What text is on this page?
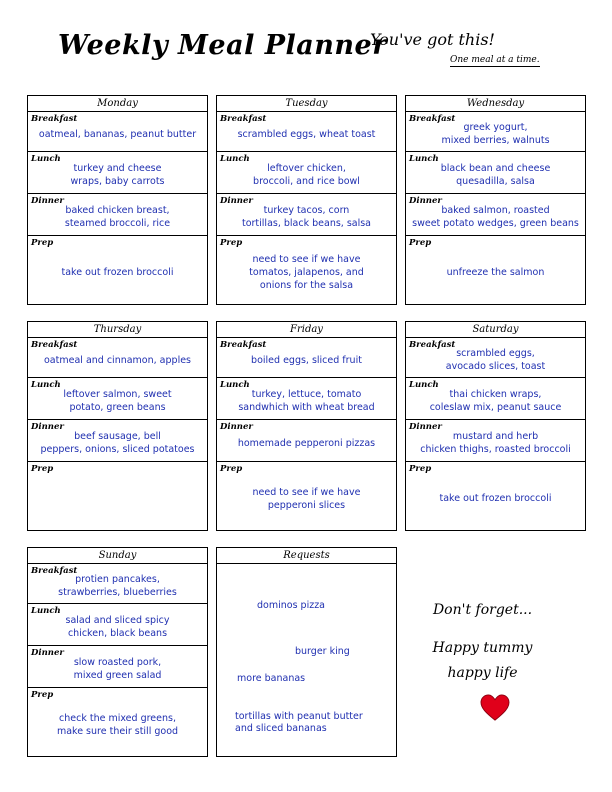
Weekly Meal Planner
You've got this!
One meal at a time.
Monday
Breakfast
oatmeal, bananas, peanut butter
Lunch
turkey and cheese
wraps, baby carrots
Dinner
baked chicken breast,
steamed broccoli, rice
Prep
take out frozen broccoli
Tuesday
Breakfast
scrambled eggs, wheat toast
Lunch
leftover chicken,
broccoli, and rice bowl
Dinner
turkey tacos, corn
tortillas, black beans, salsa
Prep
need to see if we have
tomatos, jalapenos, and
onions for the salsa
Wednesday
Breakfast
greek yogurt,
mixed berries, walnuts
Lunch
black bean and cheese
quesadilla, salsa
Dinner
baked salmon, roasted
sweet potato wedges, green beans
Prep
unfreeze the salmon
Thursday
Breakfast
oatmeal and cinnamon, apples
Lunch
leftover salmon, sweet
potato, green beans
Dinner
beef sausage, bell
peppers, onions, sliced potatoes
Prep
Friday
Breakfast
boiled eggs, sliced fruit
Lunch
turkey, lettuce, tomato
sandwhich with wheat bread
Dinner
homemade pepperoni pizzas
Prep
need to see if we have
pepperoni slices
Saturday
Breakfast
scrambled eggs,
avocado slices, toast
Lunch
thai chicken wraps,
coleslaw mix, peanut sauce
Dinner
mustard and herb
chicken thighs, roasted broccoli
Prep
take out frozen broccoli
Sunday
Breakfast
protien pancakes,
strawberries, blueberries
Lunch
salad and sliced spicy
chicken, black beans
Dinner
slow roasted pork,
mixed green salad
Prep
check the mixed greens,
make sure their still good
Requests
dominos pizza
burger king
more bananas
tortillas with peanut butter
and sliced bananas
Don't forget...
Happy tummy
happy life
